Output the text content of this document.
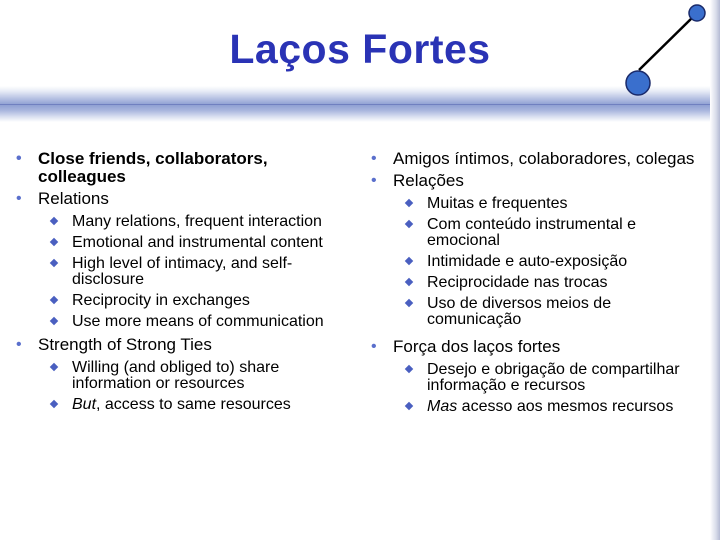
Laços Fortes
• Close friends, collaborators, colleagues
• Relations
Many relations, frequent interaction
Emotional and instrumental content
High level of intimacy, and self-disclosure
Reciprocity in exchanges
Use more means of communication
• Strength of Strong Ties
Willing (and obliged to) share information or resources
But, access to same resources
• Amigos íntimos, colaboradores, colegas
• Relações
Muitas e frequentes
Com conteúdo instrumental e emocional
Intimidade e auto-exposição
Reciprocidade nas trocas
Uso de diversos meios de comunicação
• Força dos laços fortes
Desejo e obrigação de compartilhar informação e recursos
Mas acesso aos mesmos recursos
